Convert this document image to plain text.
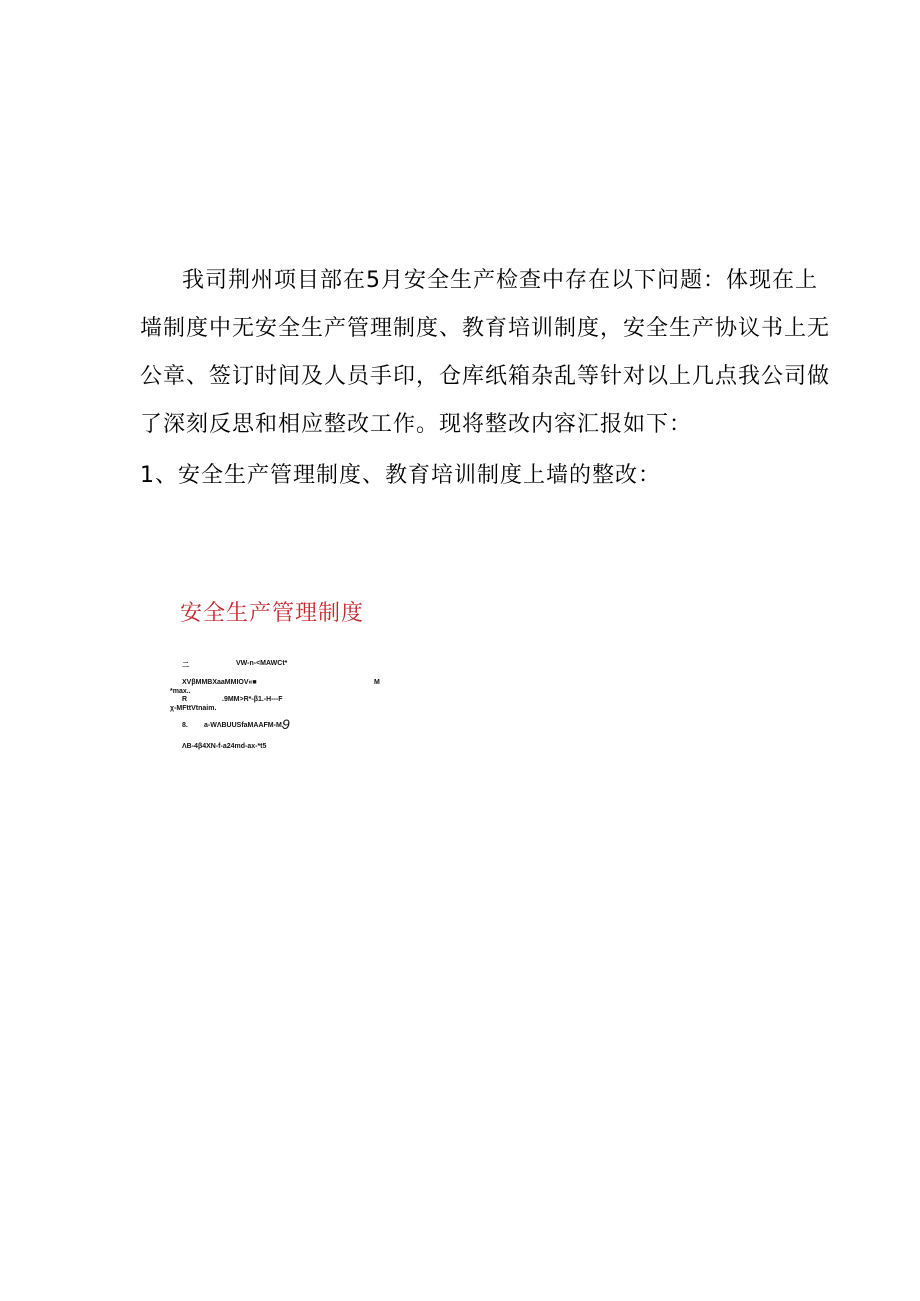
我司荆州项目部在5月安全生产检查中存在以下问题：体现在上
墙制度中无安全生产管理制度、教育培训制度，安全生产协议书上无
公章、签订时间及人员手印，仓库纸箱杂乱等针对以上几点我公司做
了深刻反思和相应整改工作。现将整改内容汇报如下：
1、安全生产管理制度、教育培训制度上墙的整改：
安全生产管理制度
二	VW-n-<MAWCt*
XVβMMBXaaMMIOV«■	M
*max..
R	.9MM>R*-β1.-H---F
χ-MFttVtnaim.
8. a-WΛBUUSfaMAAFM-M.
9
ΛB-4β4XN-f-a24md-ax-*t5
